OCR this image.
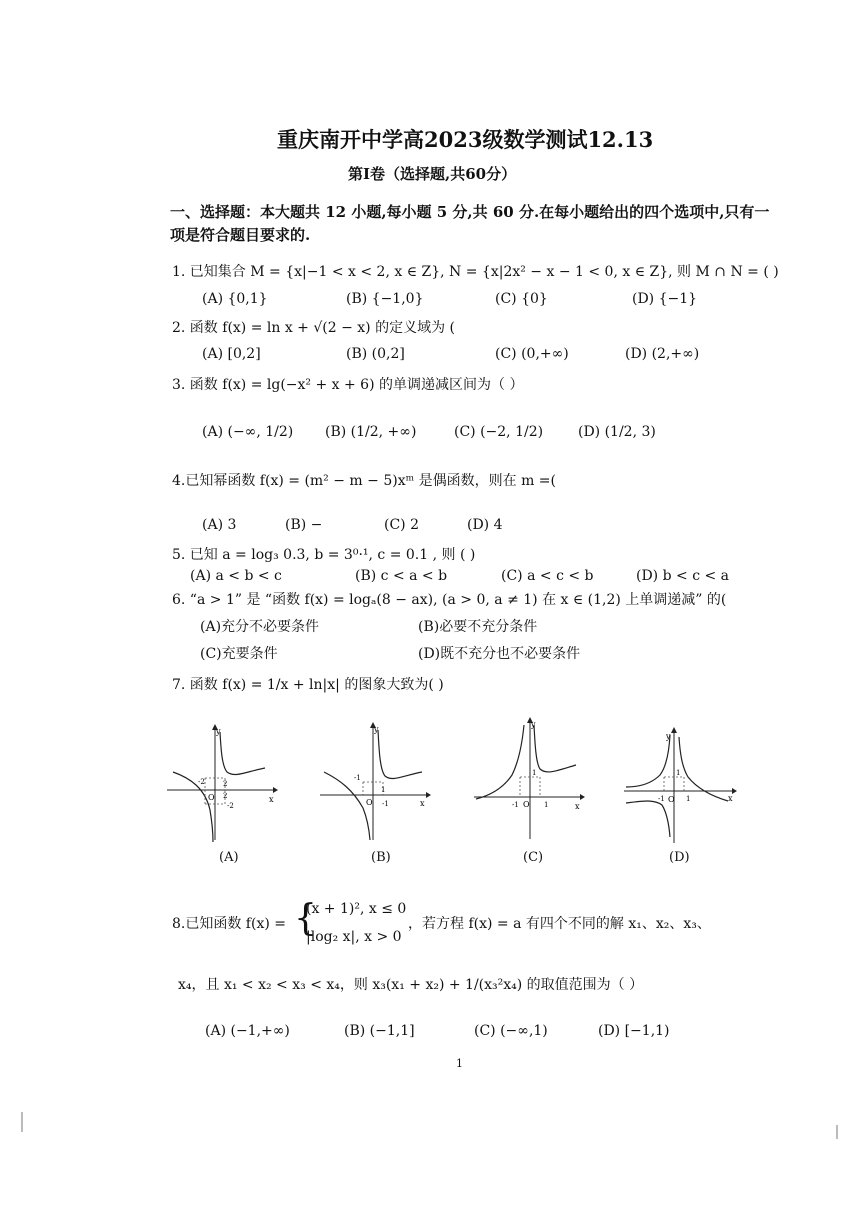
重庆南开中学高2023级数学测试12.13
第Ⅰ卷（选择题,共60分）
一、选择题：本大题共 12 小题,每小题 5 分,共 60 分.在每小题给出的四个选项中,只有一
项是符合题目要求的.
1. 已知集合 M = {x|−1 < x < 2, x ∈ Z}, N = {x|2x² − x − 1 < 0, x ∈ Z}, 则 M ∩ N = ( )
(A) {0,1}	(B) {−1,0}	(C) {0}	(D) {−1}
2. 函数 f(x) = ln x + √(2 − x) 的定义域为 (
(A) [0,2]	(B) (0,2]	(C) (0,+∞)	(D) (2,+∞)
3. 函数 f(x) = lg(−x² + x + 6) 的单调递减区间为（ ）
(A) (−∞, 1/2) (B) (1/2, +∞)	(C) (−2, 1/2) (D) (1/2, 3)
4.已知幂函数 f(x) = (m² − m − 5)xᵐ 是偶函数，则在 m =(
(A) 3	(B) −	(C) 2	(D) 4
5. 已知 a = log₃ 0.3, b = 3⁰·¹, c = 0.1 , 则 ( )
(A) a < b < c	(B) c < a < b	(C) a < c < b	(D) b < c < a
6. “a > 1” 是 “函数 f(x) = logₐ(8 − ax), (a > 0, a ≠ 1) 在 x ∈ (1,2) 上单调递减” 的(
(A)充分不必要条件	(B)必要不充分条件
(C)充要条件	(D)既不充分也不必要条件
7. 函数 f(x) = 1/x + ln|x| 的图象大致为( )
y
x
O
-2	2
2
-2
(A)
y
x
O
-1
1
-1
(B)
y
x
O
1
-1	1
(C)
y
x
O
1
-1	1
(D)
8.已知函数 f(x) = {
(x + 1)², x ≤ 0
|log₂ x|, x > 0
，若方程 f(x) = a 有四个不同的解 x₁、x₂、x₃、
x₄，且 x₁ < x₂ < x₃ < x₄，则 x₃(x₁ + x₂) + 1/(x₃²x₄) 的取值范围为（ ）
(A) (−1,+∞)	(B) (−1,1]	(C) (−∞,1)	(D) [−1,1)
1
